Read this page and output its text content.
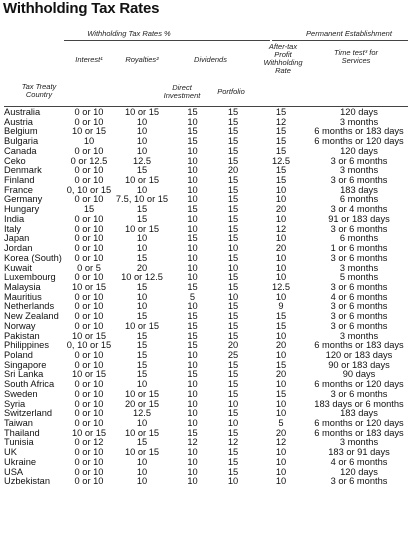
Withholding Tax Rates
Withholding Tax Rates %	Permanent Establishment
Interest¹	Royalties²	Dividends
After-tax Profit Withholding Rate
Time test³ for Services
Tax Treaty Country
Direct Investment	Portfolio
Australia	0 or 10	10 or 15	15	15	15	120 days
Austria	0 or 10	10	10	15	12	3 months
Belgium	10 or 15	10	15	15	15	6 months or 183 days
Bulgaria	10	10	15	15	15	6 months or 120 days
Canada	0 or 10	10	10	15	15	120 days
Ceko	0 or 12.5	12.5	10	15	12.5	3 or 6 months
Denmark	0 or 10	15	10	20	15	3 months
Finland	0 or 10	10 or 15	10	15	15	3 or 6 months
France	0, 10 or 15	10	10	15	10	183 days
Germany	0 or 10	7.5, 10 or 15	10	15	10	6 months
Hungary	15	15	15	15	20	3 or 4 months
India	0 or 10	15	10	15	10	91 or 183 days
Italy	0 or 10	10 or 15	10	15	12	3 or 6 months
Japan	0 or 10	10	15	15	10	6 months
Jordan	0 or 10	10	10	10	20	1 or 6 months
Korea (South)	0 or 10	15	10	15	10	3 or 6 months
Kuwait	0 or 5	20	10	10	10	3 months
Luxembourg	0 or 10	10 or 12.5	10	15	10	5 months
Malaysia	10 or 15	15	15	15	12.5	3 or 6 months
Mauritius	0 or 10	10	5	10	10	4 or 6 months
Netherlands	0 or 10	10	10	15	9	3 or 6 months
New Zealand	0 or 10	15	15	15	15	3 or 6 months
Norway	0 or 10	10 or 15	15	15	15	3 or 6 months
Pakistan	10 or 15	15	15	15	10	3 months
Philippines	0, 10 or 15	15	15	20	20	6 months or 183 days
Poland	0 or 10	15	10	25	10	120 or 183 days
Singapore	0 or 10	15	10	15	15	90 or 183 days
Sri Lanka	10 or 15	15	15	15	20	90 days
South Africa	0 or 10	10	10	15	10	6 months or 120 days
Sweden	0 or 10	10 or 15	10	15	15	3 or 6 months
Syria	0 or 10	20 or 15	10	10	10	183 days or 6 months
Switzerland	0 or 10	12.5	10	15	10	183 days
Taiwan	0 or 10	10	10	10	5	6 months or 120 days
Thailand	10 or 15	10 or 15	15	15	20	6 months or 183 days
Tunisia	0 or 12	15	12	12	12	3 months
UK	0 or 10	10 or 15	10	15	10	183 or 91 days
Ukraine	0 or 10	10	10	15	10	4 or 6 months
USA	0 or 10	10	10	15	10	120 days
Uzbekistan	0 or 10	10	10	10	10	3 or 6 months
